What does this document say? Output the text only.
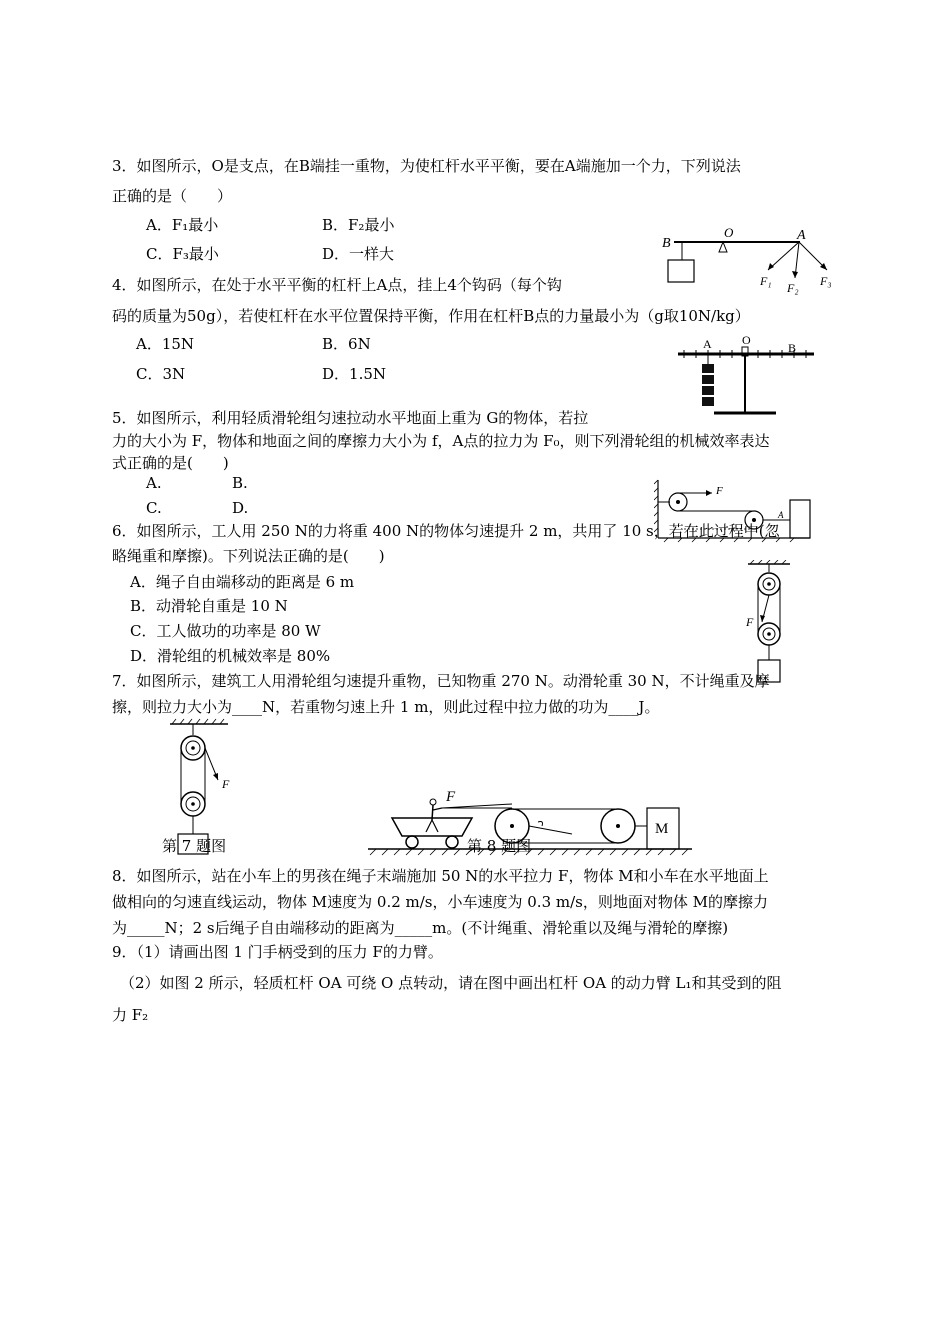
3．如图所示，O是支点，在B端挂一重物，为使杠杆水平平衡，要在A端施加一个力，下列说法
正确的是（　　）
A．F₁最小	B．F₂最小
C．F₃最小	D．一样大
B
O	A
F₁ F₂ F₃
4．如图所示，在处于水平平衡的杠杆上A点，挂上4个钩码（每个钩
码的质量为50g），若使杠杆在水平位置保持平衡，作用在杠杆B点的力量最小为（g取10N/kg）
A．15N	B．6N
C．3N	D．1.5N
A	O
B
5．如图所示，利用轻质滑轮组匀速拉动水平地面上重为 G的物体，若拉
力的大小为 F，物体和地面之间的摩擦力大小为 f，A点的拉力为 F₀，则下列滑轮组的机械效率表达
式正确的是(　　)
A.	B.
C.	D.
F
A
6．如图所示，工人用 250 N的力将重 400 N的物体匀速提升 2 m，共用了 10 s，若在此过程中(忽
略绳重和摩擦)。下列说法正确的是(　　)
A．绳子自由端移动的距离是 6 m
B．动滑轮自重是 10 N
C．工人做功的功率是 80 W
D．滑轮组的机械效率是 80%
F
7．如图所示，建筑工人用滑轮组匀速提升重物，已知物重 270 N。动滑轮重 30 N，不计绳重及摩
擦，则拉力大小为____N，若重物匀速上升 1 m，则此过程中拉力做的功为____J。
F
第 7 题图
F
M
第 8 题图
8．如图所示，站在小车上的男孩在绳子末端施加 50 N的水平拉力 F，物体 M和小车在水平地面上
做相向的匀速直线运动，物体 M速度为 0.2 m/s，小车速度为 0.3 m/s，则地面对物体 M的摩擦力
为_____N；2 s后绳子自由端移动的距离为_____m。(不计绳重、滑轮重以及绳与滑轮的摩擦)
9．（1）请画出图 1 门手柄受到的压力 F的力臂。
（2）如图 2 所示，轻质杠杆 OA 可绕 O 点转动，请在图中画出杠杆 OA 的动力臂 L₁和其受到的阻
力 F₂
